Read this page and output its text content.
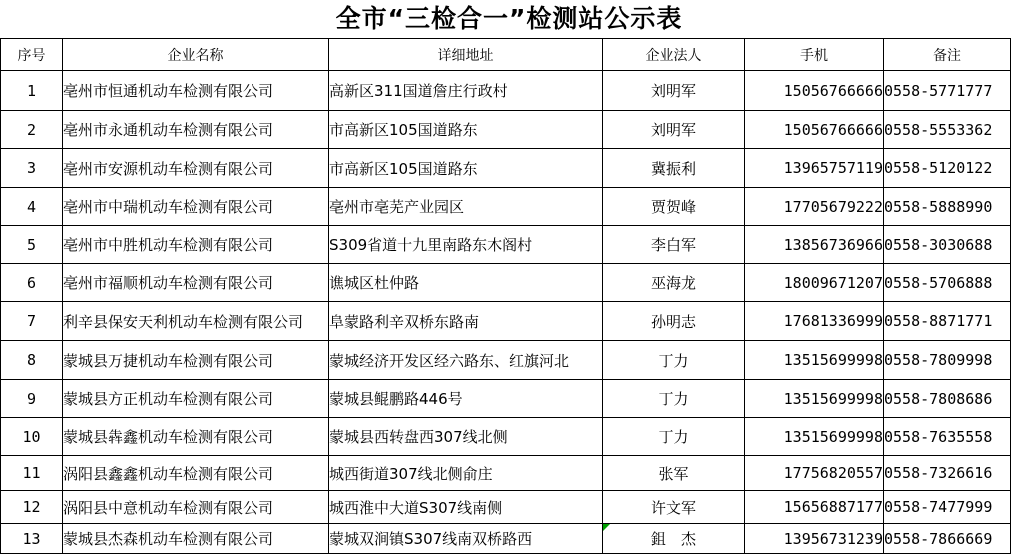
全市“三检合一”检测站公示表
序号	企业名称	详细地址	企业法人	手机	备注
1	亳州市恒通机动车检测有限公司	高新区311国道詹庄行政村	刘明军	15056766666	0558-5771777
2	亳州市永通机动车检测有限公司	市高新区105国道路东	刘明军	15056766666	0558-5553362
3	亳州市安源机动车检测有限公司	市高新区105国道路东	冀振利	13965757119	0558-5120122
4	亳州市中瑞机动车检测有限公司	亳州市亳芜产业园区	贾贺峰	17705679222	0558-5888990
5	亳州市中胜机动车检测有限公司	S309省道十九里南路东木阁村	李白军	13856736966	0558-3030688
6	亳州市福顺机动车检测有限公司	谯城区杜仲路	巫海龙	18009671207	0558-5706888
7	利辛县保安天利机动车检测有限公司	阜蒙路利辛双桥东路南	孙明志	17681336999	0558-8871771
8	蒙城县万捷机动车检测有限公司	蒙城经济开发区经六路东、红旗河北	丁力	13515699998	0558-7809998
9	蒙城县方正机动车检测有限公司	蒙城县鲲鹏路446号	丁力	13515699998	0558-7808686
10	蒙城县犇鑫机动车检测有限公司	蒙城县西转盘西307线北侧	丁力	13515699998	0558-7635558
11	涡阳县鑫鑫机动车检测有限公司	城西街道307线北侧俞庄	张军	17756820557	0558-7326616
12	涡阳县中意机动车检测有限公司	城西淮中大道S307线南侧	许文军	15656887177	0558-7477999
13	蒙城县杰森机动车检测有限公司	蒙城双涧镇S307线南双桥路西	鉏　杰	13956731239	0558-7866669
